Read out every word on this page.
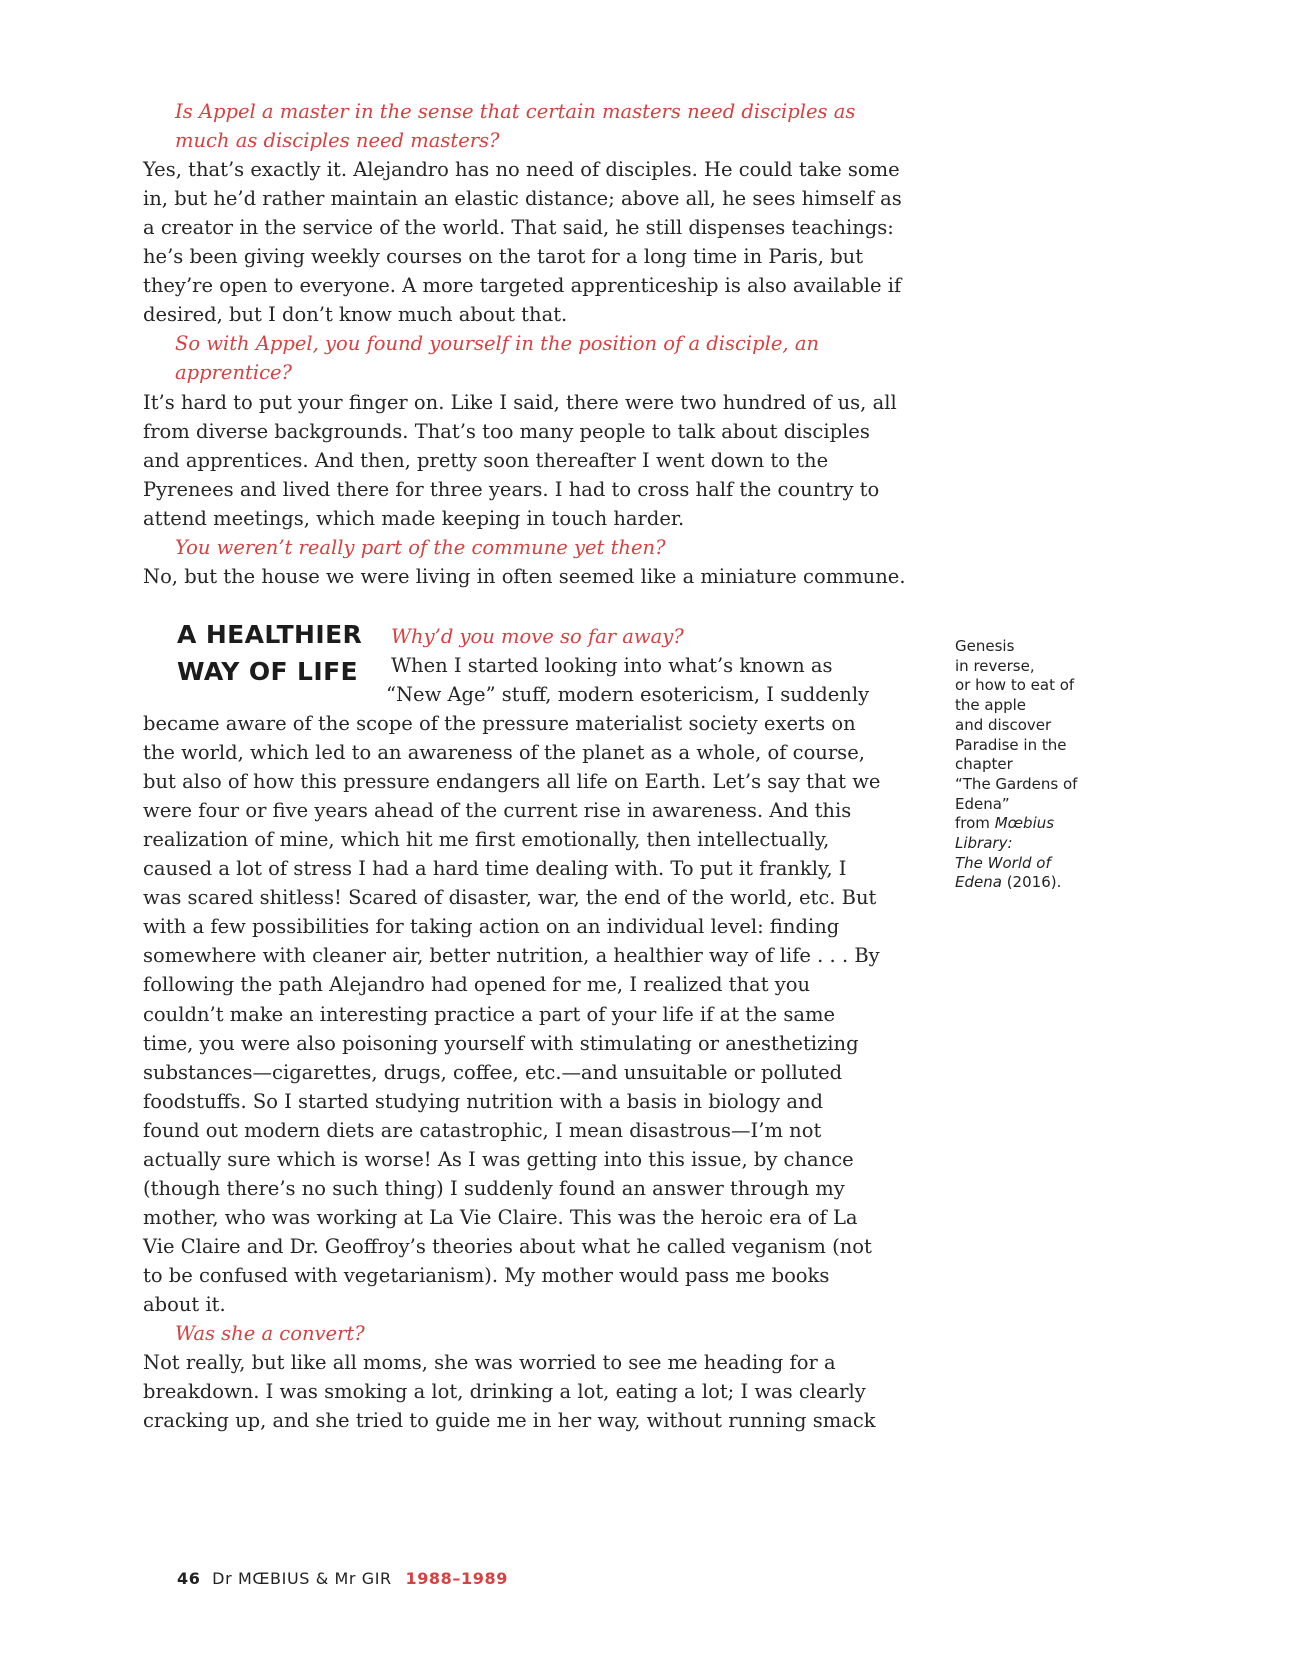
Is Appel a master in the sense that certain masters need disciples as
much as disciples need masters?
Yes, that’s exactly it. Alejandro has no need of disciples. He could take some
in, but he’d rather maintain an elastic distance; above all, he sees himself as
a creator in the service of the world. That said, he still dispenses teachings:
he’s been giving weekly courses on the tarot for a long time in Paris, but
they’re open to everyone. A more targeted apprenticeship is also available if
desired, but I don’t know much about that.
So with Appel, you found yourself in the position of a disciple, an
apprentice?
It’s hard to put your finger on. Like I said, there were two hundred of us, all
from diverse backgrounds. That’s too many people to talk about disciples
and apprentices. And then, pretty soon thereafter I went down to the
Pyrenees and lived there for three years. I had to cross half the country to
attend meetings, which made keeping in touch harder.
You weren’t really part of the commune yet then?
No, but the house we were living in often seemed like a miniature commune.
A HEALTHIER
WAY OF LIFE
Why’d you move so far away?
When I started looking into what’s known as
“New Age” stuff, modern esotericism, I suddenly
became aware of the scope of the pressure materialist society exerts on
the world, which led to an awareness of the planet as a whole, of course,
but also of how this pressure endangers all life on Earth. Let’s say that we
were four or five years ahead of the current rise in awareness. And this
realization of mine, which hit me first emotionally, then intellectually,
caused a lot of stress I had a hard time dealing with. To put it frankly, I
was scared shitless! Scared of disaster, war, the end of the world, etc. But
with a few possibilities for taking action on an individual level: finding
somewhere with cleaner air, better nutrition, a healthier way of life . . . By
following the path Alejandro had opened for me, I realized that you
couldn’t make an interesting practice a part of your life if at the same
time, you were also poisoning yourself with stimulating or anesthetizing
substances—cigarettes, drugs, coffee, etc.—and unsuitable or polluted
foodstuffs. So I started studying nutrition with a basis in biology and
found out modern diets are catastrophic, I mean disastrous—I’m not
actually sure which is worse! As I was getting into this issue, by chance
(though there’s no such thing) I suddenly found an answer through my
mother, who was working at La Vie Claire. This was the heroic era of La
Vie Claire and Dr. Geoffroy’s theories about what he called veganism (not
to be confused with vegetarianism). My mother would pass me books
about it.
Was she a convert?
Not really, but like all moms, she was worried to see me heading for a
breakdown. I was smoking a lot, drinking a lot, eating a lot; I was clearly
cracking up, and she tried to guide me in her way, without running smack
Genesis
in reverse,
or how to eat of
the apple
and discover
Paradise in the
chapter
“The Gardens of
Edena”
from Mœbius
Library:
The World of
Edena (2016).
46 Dr MŒBIUS & Mr GIR 1988–1989
